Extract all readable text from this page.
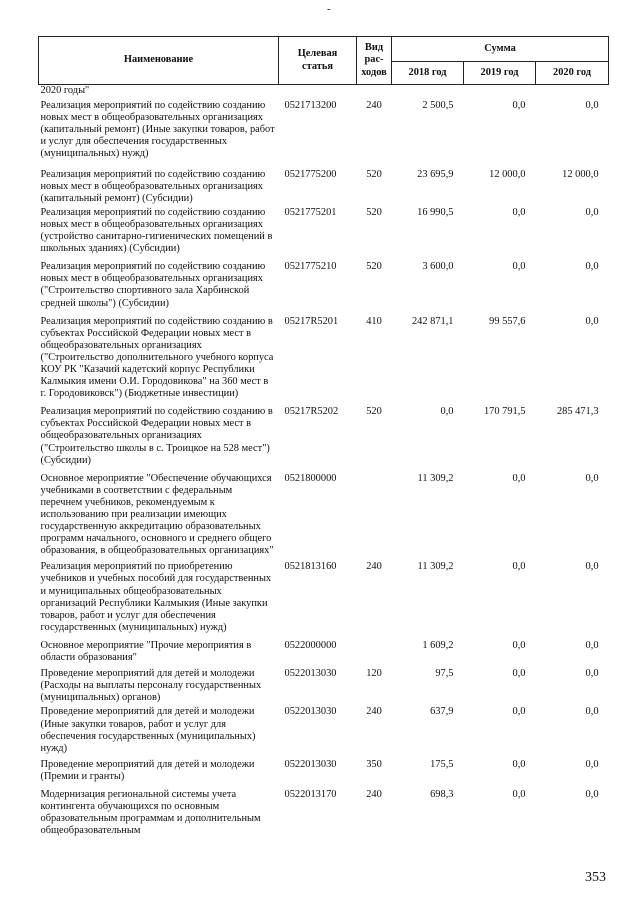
-
Наименование	Целевая статья	Вид рас-ходов	Сумма		
			2018 год	2019 год	2020 год
2020 годы"					
Реализация мероприятий по содействию созданию новых мест в общеобразовательных организациях (капитальный ремонт) (Иные закупки товаров, работ и услуг для обеспечения государственных (муниципальных) нужд)	0521713200	240	2 500,5	0,0	0,0
Реализация мероприятий по содействию созданию новых мест в общеобразовательных организациях (капитальный ремонт) (Субсидии)	0521775200	520	23 695,9	12 000,0	12 000,0
Реализация мероприятий по содействию созданию новых мест в общеобразовательных организациях (устройство санитарно-гигиенических помещений в школьных зданиях) (Субсидии)	0521775201	520	16 990,5	0,0	0,0
Реализация мероприятий по содействию созданию новых мест в общеобразовательных организациях ("Строительство спортивного зала Харбинской средней школы") (Субсидии)	0521775210	520	3 600,0	0,0	0,0
Реализация мероприятий по содействию созданию в субъектах Российской Федерации новых мест в общеобразовательных организациях ("Строительство дополнительного учебного корпуса КОУ РК "Казачий кадетский корпус Республики Калмыкия имени О.И. Городовикова" на 360 мест в г. Городовиковск") (Бюджетные инвестиции)	05217R5201	410	242 871,1	99 557,6	0,0
Реализация мероприятий по содействию созданию в субъектах Российской Федерации новых мест в общеобразовательных организациях ("Строительство школы в с. Троицкое на 528 мест") (Субсидии)	05217R5202	520	0,0	170 791,5	285 471,3
Основное мероприятие "Обеспечение обучающихся учебниками в соответствии с федеральным перечнем учебников, рекомендуемым к использованию при реализации имеющих государственную аккредитацию образовательных программ начального, основного и среднего общего образования, в общеобразовательных организациях"	0521800000		11 309,2	0,0	0,0
Реализация мероприятий по приобретению учебников и учебных пособий для государственных и муниципальных общеобразовательных организаций Республики Калмыкия (Иные закупки товаров, работ и услуг для обеспечения государственных (муниципальных) нужд)	0521813160	240	11 309,2	0,0	0,0
Основное мероприятие "Прочие мероприятия в области образования"	0522000000		1 609,2	0,0	0,0
Проведение мероприятий для детей и молодежи (Расходы на выплаты персоналу государственных (муниципальных) органов)	0522013030	120	97,5	0,0	0,0
Проведение мероприятий для детей и молодежи (Иные закупки товаров, работ и услуг для обеспечения государственных (муниципальных) нужд)	0522013030	240	637,9	0,0	0,0
Проведение мероприятий для детей и молодежи (Премии и гранты)	0522013030	350	175,5	0,0	0,0
Модернизация региональной системы учета контингента обучающихся по основным образовательным программам и дополнительным общеобразовательным	0522013170	240	698,3	0,0	0,0
353
